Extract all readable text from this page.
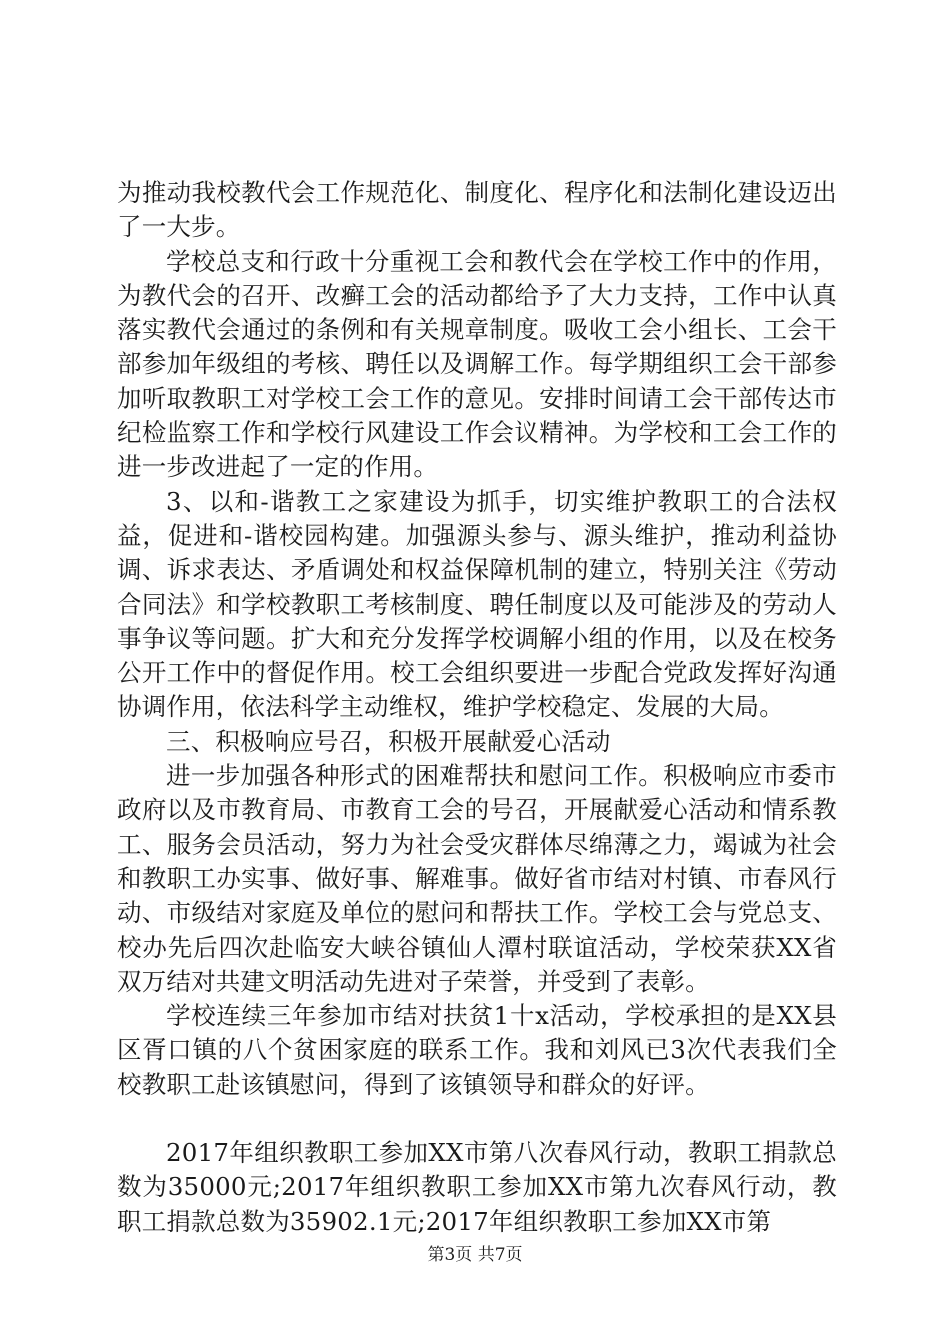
为推动我校教代会工作规范化、制度化、程序化和法制化建设迈出了一大步。

学校总支和行政十分重视工会和教代会在学校工作中的作用，为教代会的召开、改癣工会的活动都给予了大力支持，工作中认真落实教代会通过的条例和有关规章制度。吸收工会小组长、工会干部参加年级组的考核、聘任以及调解工作。每学期组织工会干部参加听取教职工对学校工会工作的意见。安排时间请工会干部传达市纪检监察工作和学校行风建设工作会议精神。为学校和工会工作的进一步改进起了一定的作用。

3、以和-谐教工之家建设为抓手，切实维护教职工的合法权益，促进和-谐校园构建。加强源头参与、源头维护，推动利益协调、诉求表达、矛盾调处和权益保障机制的建立，特别关注《劳动合同法》和学校教职工考核制度、聘任制度以及可能涉及的劳动人事争议等问题。扩大和充分发挥学校调解小组的作用，以及在校务公开工作中的督促作用。校工会组织要进一步配合党政发挥好沟通协调作用，依法科学主动维权，维护学校稳定、发展的大局。

三、积极响应号召，积极开展献爱心活动

进一步加强各种形式的困难帮扶和慰问工作。积极响应市委市政府以及市教育局、市教育工会的号召，开展献爱心活动和情系教工、服务会员活动，努力为社会受灾群体尽绵薄之力，竭诚为社会和教职工办实事、做好事、解难事。做好省市结对村镇、市春风行动、市级结对家庭及单位的慰问和帮扶工作。学校工会与党总支、校办先后四次赴临安大峡谷镇仙人潭村联谊活动，学校荣获XX省双万结对共建文明活动先进对子荣誉，并受到了表彰。

学校连续三年参加市结对扶贫1十x活动，学校承担的是XX县区胥口镇的八个贫困家庭的联系工作。我和刘风已3次代表我们全校教职工赴该镇慰问，得到了该镇领导和群众的好评。

2017年组织教职工参加XX市第八次春风行动，教职工捐款总数为35000元;2017年组织教职工参加XX市第九次春风行动，教职工捐款总数为35902.1元;2017年组织教职工参加XX市第

第3页 共7页
